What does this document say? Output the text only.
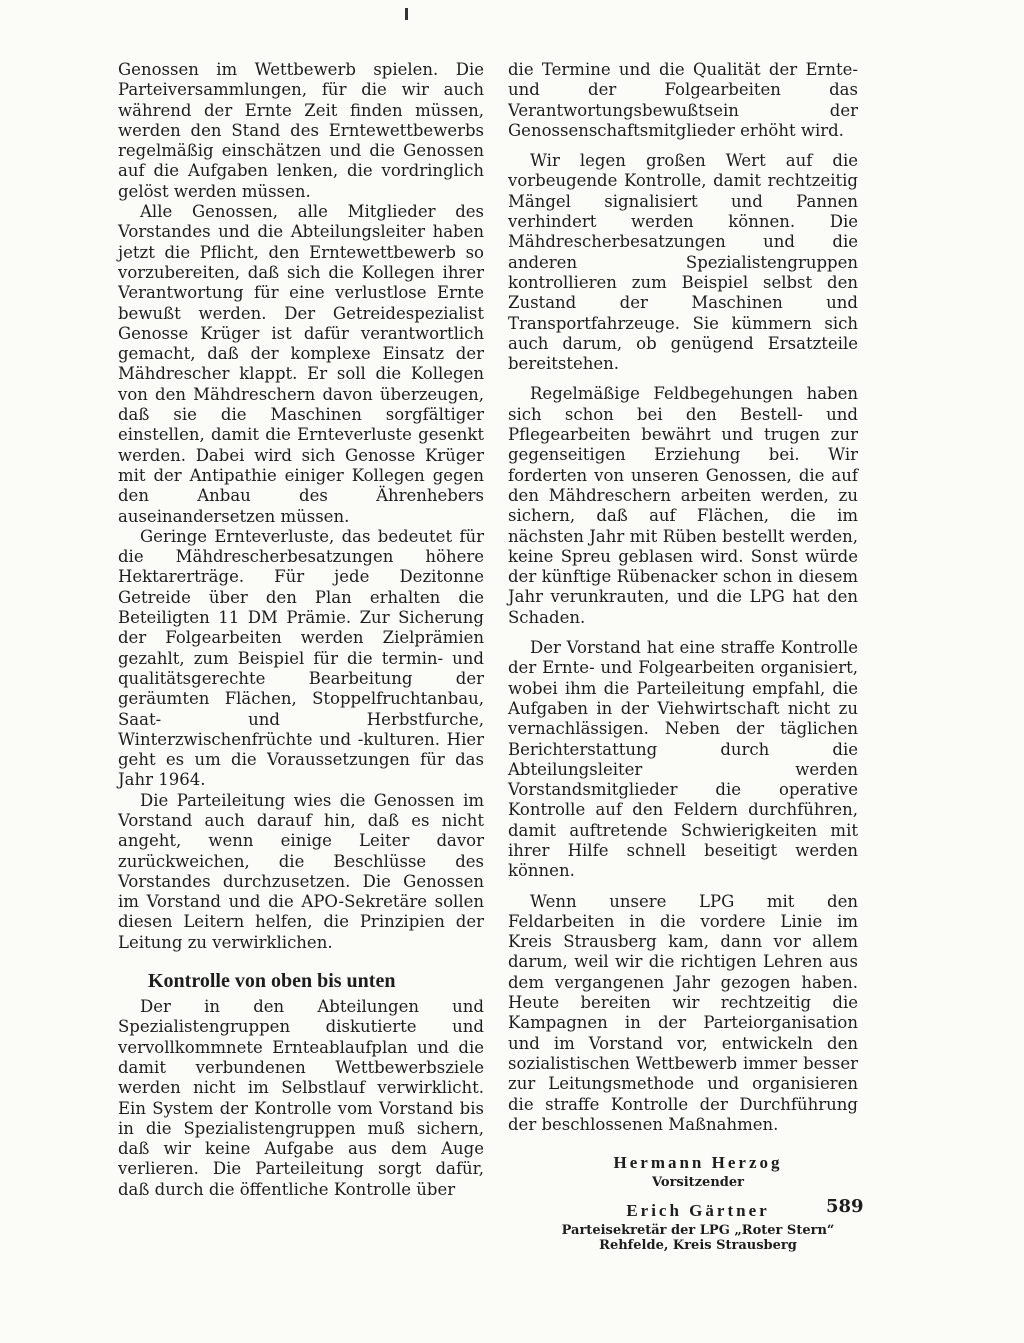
Genossen im Wettbewerb spielen. Die Parteiversammlungen, für die wir auch während der Ernte Zeit finden müssen, werden den Stand des Erntewettbewerbs regelmäßig einschätzen und die Genossen auf die Aufgaben lenken, die vordringlich gelöst werden müssen.

Alle Genossen, alle Mitglieder des Vorstandes und die Abteilungsleiter haben jetzt die Pflicht, den Erntewettbewerb so vorzubereiten, daß sich die Kollegen ihrer Verantwortung für eine verlustlose Ernte bewußt werden. Der Getreidespezialist Genosse Krüger ist dafür verantwortlich gemacht, daß der komplexe Einsatz der Mähdrescher klappt. Er soll die Kollegen von den Mähdreschern davon überzeugen, daß sie die Maschinen sorgfältiger einstellen, damit die Ernteverluste gesenkt werden. Dabei wird sich Genosse Krüger mit der Antipathie einiger Kollegen gegen den Anbau des Ährenhebers auseinandersetzen müssen.

Geringe Ernteverluste, das bedeutet für die Mähdrescherbesatzungen höhere Hektarerträge. Für jede Dezitonne Getreide über den Plan erhalten die Beteiligten 11 DM Prämie. Zur Sicherung der Folgearbeiten werden Zielprämien gezahlt, zum Beispiel für die termin- und qualitätsgerechte Bearbeitung der geräumten Flächen, Stoppelfruchtanbau, Saat- und Herbstfurche, Winterzwischenfrüchte und -kulturen. Hier geht es um die Voraussetzungen für das Jahr 1964.

Die Parteileitung wies die Genossen im Vorstand auch darauf hin, daß es nicht angeht, wenn einige Leiter davor zurückweichen, die Beschlüsse des Vorstandes durchzusetzen. Die Genossen im Vorstand und die APO-Sekretäre sollen diesen Leitern helfen, die Prinzipien der Leitung zu verwirklichen.

Kontrolle von oben bis unten

Der in den Abteilungen und Spezialistengruppen diskutierte und vervollkommnete Ernteablaufplan und die damit verbundenen Wettbewerbsziele werden nicht im Selbstlauf verwirklicht. Ein System der Kontrolle vom Vorstand bis in die Spezialistengruppen muß sichern, daß wir keine Aufgabe aus dem Auge verlieren. Die Parteileitung sorgt dafür, daß durch die öffentliche Kontrolle über

die Termine und die Qualität der Ernte- und der Folgearbeiten das Verantwortungsbewußtsein der Genossenschaftsmitglieder erhöht wird.

Wir legen großen Wert auf die vorbeugende Kontrolle, damit rechtzeitig Mängel signalisiert und Pannen verhindert werden können. Die Mähdrescherbesatzungen und die anderen Spezialistengruppen kontrollieren zum Beispiel selbst den Zustand der Maschinen und Transportfahrzeuge. Sie kümmern sich auch darum, ob genügend Ersatzteile bereitstehen.

Regelmäßige Feldbegehungen haben sich schon bei den Bestell- und Pflegearbeiten bewährt und trugen zur gegenseitigen Erziehung bei. Wir forderten von unseren Genossen, die auf den Mähdreschern arbeiten werden, zu sichern, daß auf Flächen, die im nächsten Jahr mit Rüben bestellt werden, keine Spreu geblasen wird. Sonst würde der künftige Rübenacker schon in diesem Jahr verunkrauten, und die LPG hat den Schaden.

Der Vorstand hat eine straffe Kontrolle der Ernte- und Folgearbeiten organisiert, wobei ihm die Parteileitung empfahl, die Aufgaben in der Viehwirtschaft nicht zu vernachlässigen. Neben der täglichen Berichterstattung durch die Abteilungsleiter werden Vorstandsmitglieder die operative Kontrolle auf den Feldern durchführen, damit auftretende Schwierigkeiten mit ihrer Hilfe schnell beseitigt werden können.

Wenn unsere LPG mit den Feldarbeiten in die vordere Linie im Kreis Strausberg kam, dann vor allem darum, weil wir die richtigen Lehren aus dem vergangenen Jahr gezogen haben. Heute bereiten wir rechtzeitig die Kampagnen in der Parteiorganisation und im Vorstand vor, entwickeln den sozialistischen Wettbewerb immer besser zur Leitungsmethode und organisieren die straffe Kontrolle der Durchführung der beschlossenen Maßnahmen.

Hermann Herzog
Vorsitzender
Erich Gärtner
Parteisekretär der LPG „Roter Stern“
Rehfelde, Kreis Strausberg
589
